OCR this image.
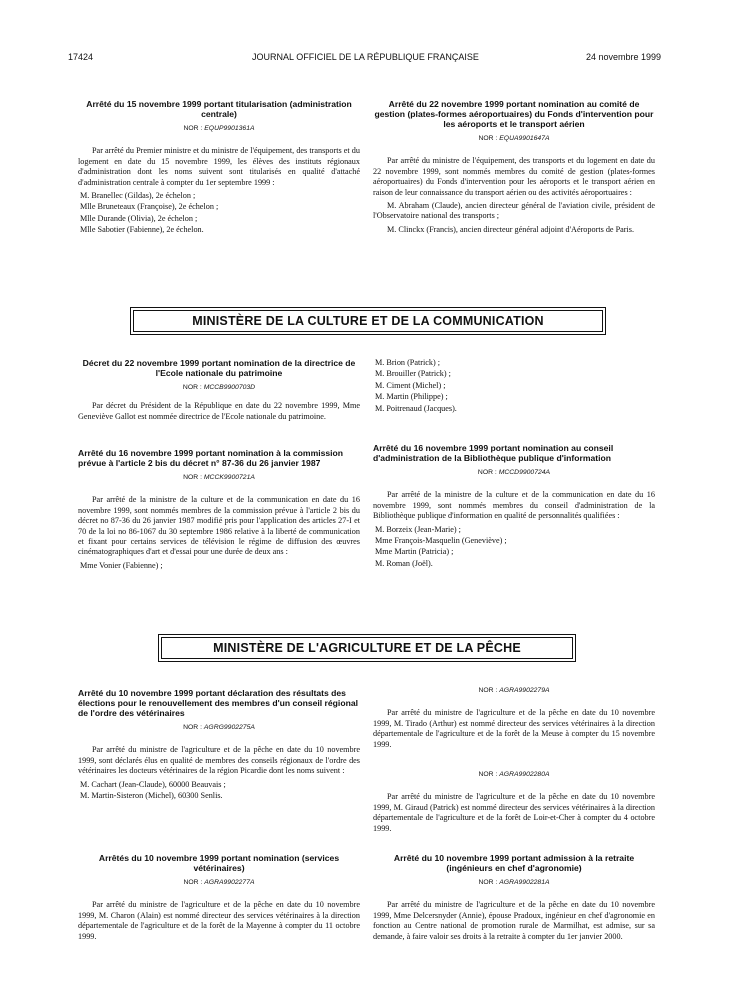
17424	JOURNAL OFFICIEL DE LA RÉPUBLIQUE FRANÇAISE	24 novembre 1999

Arrêté du 15 novembre 1999 portant titularisation (administration centrale)

NOR : EQUP9901361A

Par arrêté du Premier ministre et du ministre de l'équipement, des transports et du logement en date du 15 novembre 1999, les élèves des instituts régionaux d'administration dont les noms suivent sont titularisés en qualité d'attaché d'administration centrale à compter du 1er septembre 1999 :

M. Branellec (Gildas), 2e échelon ;

Mlle Bruneteaux (Françoise), 2e échelon ;

Mlle Durande (Olivia), 2e échelon ;

Mlle Sabotier (Fabienne), 2e échelon.

Arrêté du 22 novembre 1999 portant nomination au comité de gestion (plates-formes aéroportuaires) du Fonds d'intervention pour les aéroports et le transport aérien

NOR : EQUA9901647A

Par arrêté du ministre de l'équipement, des transports et du logement en date du 22 novembre 1999, sont nommés membres du comité de gestion (plates-formes aéroportuaires) du Fonds d'intervention pour les aéroports et le transport aérien en raison de leur connaissance du transport aérien ou des activités aéroportuaires :

M. Abraham (Claude), ancien directeur général de l'aviation civile, président de l'Observatoire national des transports ;

M. Clinckx (Francis), ancien directeur général adjoint d'Aéroports de Paris.

MINISTÈRE DE LA CULTURE ET DE LA COMMUNICATION

Décret du 22 novembre 1999 portant nomination de la directrice de l'Ecole nationale du patrimoine

NOR : MCCB9900703D

Par décret du Président de la République en date du 22 novembre 1999, Mme Geneviève Gallot est nommée directrice de l'Ecole nationale du patrimoine.

Arrêté du 16 novembre 1999 portant nomination à la commission prévue à l'article 2 bis du décret n° 87-36 du 26 janvier 1987

NOR : MCCK9900721A

Par arrêté de la ministre de la culture et de la communication en date du 16 novembre 1999, sont nommés membres de la commission prévue à l'article 2 bis du décret no 87-36 du 26 janvier 1987 modifié pris pour l'application des articles 27-I et 70 de la loi no 86-1067 du 30 septembre 1986 relative à la liberté de communication et fixant pour certains services de télévision le régime de diffusion des œuvres cinématographiques d'art et d'essai pour une durée de deux ans :

Mme Vonier (Fabienne) ;

M. Brion (Patrick) ;

M. Brouiller (Patrick) ;

M. Ciment (Michel) ;

M. Martin (Philippe) ;

M. Poitrenaud (Jacques).

Arrêté du 16 novembre 1999 portant nomination au conseil d'administration de la Bibliothèque publique d'information

NOR : MCCD9900724A

Par arrêté de la ministre de la culture et de la communication en date du 16 novembre 1999, sont nommés membres du conseil d'administration de la Bibliothèque publique d'information en qualité de personnalités qualifiées :

M. Borzeix (Jean-Marie) ;

Mme François-Masquelin (Geneviève) ;

Mme Martin (Patricia) ;

M. Roman (Joël).

MINISTÈRE DE L'AGRICULTURE ET DE LA PÊCHE

Arrêté du 10 novembre 1999 portant déclaration des résultats des élections pour le renouvellement des membres d'un conseil régional de l'ordre des vétérinaires

NOR : AGRG9902275A

Par arrêté du ministre de l'agriculture et de la pêche en date du 10 novembre 1999, sont déclarés élus en qualité de membres des conseils régionaux de l'ordre des vétérinaires les docteurs vétérinaires de la région Picardie dont les noms suivent :

M. Cachart (Jean-Claude), 60000 Beauvais ;

M. Martin-Sisteron (Michel), 60300 Senlis.

Arrêtés du 10 novembre 1999 portant nomination (services vétérinaires)

NOR : AGRA9902277A

Par arrêté du ministre de l'agriculture et de la pêche en date du 10 novembre 1999, M. Charon (Alain) est nommé directeur des services vétérinaires à la direction départementale de l'agriculture et de la forêt de la Mayenne à compter du 11 octobre 1999.

NOR : AGRA9902279A

Par arrêté du ministre de l'agriculture et de la pêche en date du 10 novembre 1999, M. Tirado (Arthur) est nommé directeur des services vétérinaires à la direction départementale de l'agriculture et de la forêt de la Meuse à compter du 15 novembre 1999.

NOR : AGRA9902280A

Par arrêté du ministre de l'agriculture et de la pêche en date du 10 novembre 1999, M. Giraud (Patrick) est nommé directeur des services vétérinaires à la direction départementale de l'agriculture et de la forêt de Loir-et-Cher à compter du 4 octobre 1999.

Arrêté du 10 novembre 1999 portant admission à la retraite (ingénieurs en chef d'agronomie)

NOR : AGRA9902281A

Par arrêté du ministre de l'agriculture et de la pêche en date du 10 novembre 1999, Mme Delcersnyder (Annie), épouse Pradoux, ingénieur en chef d'agronomie en fonction au Centre national de promotion rurale de Marmilhat, est admise, sur sa demande, à faire valoir ses droits à la retraite à compter du 1er janvier 2000.
